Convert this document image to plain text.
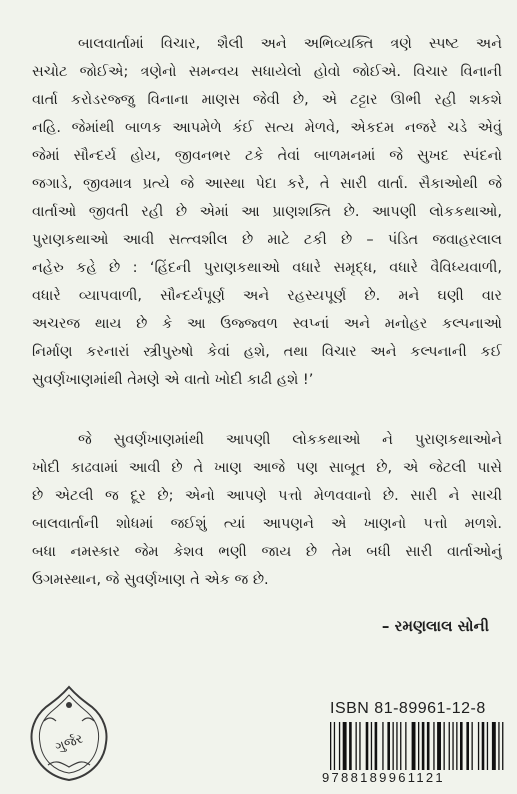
બાલવાર્તામાં વિચાર, શૈલી અને અભિવ્યક્તિ ત્રણે સ્પષ્ટ અને
સચોટ જોઈએ; ત્રણેનો સમન્વય સધાયેલો હોવો જોઈએ. વિચાર વિનાની
વાર્તા કરોડરજ્જુ વિનાના માણસ જેવી છે, એ ટટ્ટાર ઊભી રહી શકશે
નહિ. જેમાંથી બાળક આપમેળે કંઈ સત્ય મેળવે, એકદમ નજરે ચડે એવું
જેમાં સૌન્દર્ય હોય, જીવનભર ટકે તેવાં બાળમનમાં જે સુખદ સ્પંદનો
જગાડે, જીવમાત્ર પ્રત્યે જે આસ્થા પેદા કરે, તે સારી વાર્તા. સૈકાઓથી જે
વાર્તાઓ જીવતી રહી છે એમાં આ પ્રાણશક્તિ છે. આપણી લોકકથાઓ,
પુરાણકથાઓ આવી સત્ત્વશીલ છે માટે ટકી છે – પંડિત જવાહરલાલ
નહેરુ કહે છે : ‘હિંદની પુરાણકથાઓ વધારે સમૃદ્ધ, વધારે વૈવિધ્યવાળી,
વધારે વ્યાપવાળી, સૌન્દર્યપૂર્ણ અને રહસ્યપૂર્ણ છે. મને ઘણી વાર
અચરજ થાય છે કે આ ઉજ્જ્વળ સ્વપ્નાં અને મનોહર કલ્પનાઓ
નિર્માણ કરનારાં સ્ત્રીપુરુષો કેવાં હશે, તથા વિચાર અને કલ્પનાની કઈ
સુવર્ણખાણમાંથી તેમણે એ વાતો ખોદી કાઢી હશે !’
જે સુવર્ણખાણમાંથી આપણી લોકકથાઓ ને પુરાણકથાઓને
ખોદી કાઢવામાં આવી છે તે ખાણ આજે પણ સાબૂત છે, એ જેટલી પાસે
છે એટલી જ દૂર છે; એનો આપણે પત્તો મેળવવાનો છે. સારી ને સાચી
બાલવાર્તાની શોધમાં જઈશું ત્યાં આપણને એ ખાણનો પત્તો મળશે.
બધા નમસ્કાર જેમ કેશવ ભણી જાય છે તેમ બધી સારી વાર્તાઓનું
ઉગમસ્થાન, જે સુવર્ણખાણ તે એક જ છે.
– રમણલાલ સોની
ગુર્જર
ISBN 81-89961-12-8
9788189961121
